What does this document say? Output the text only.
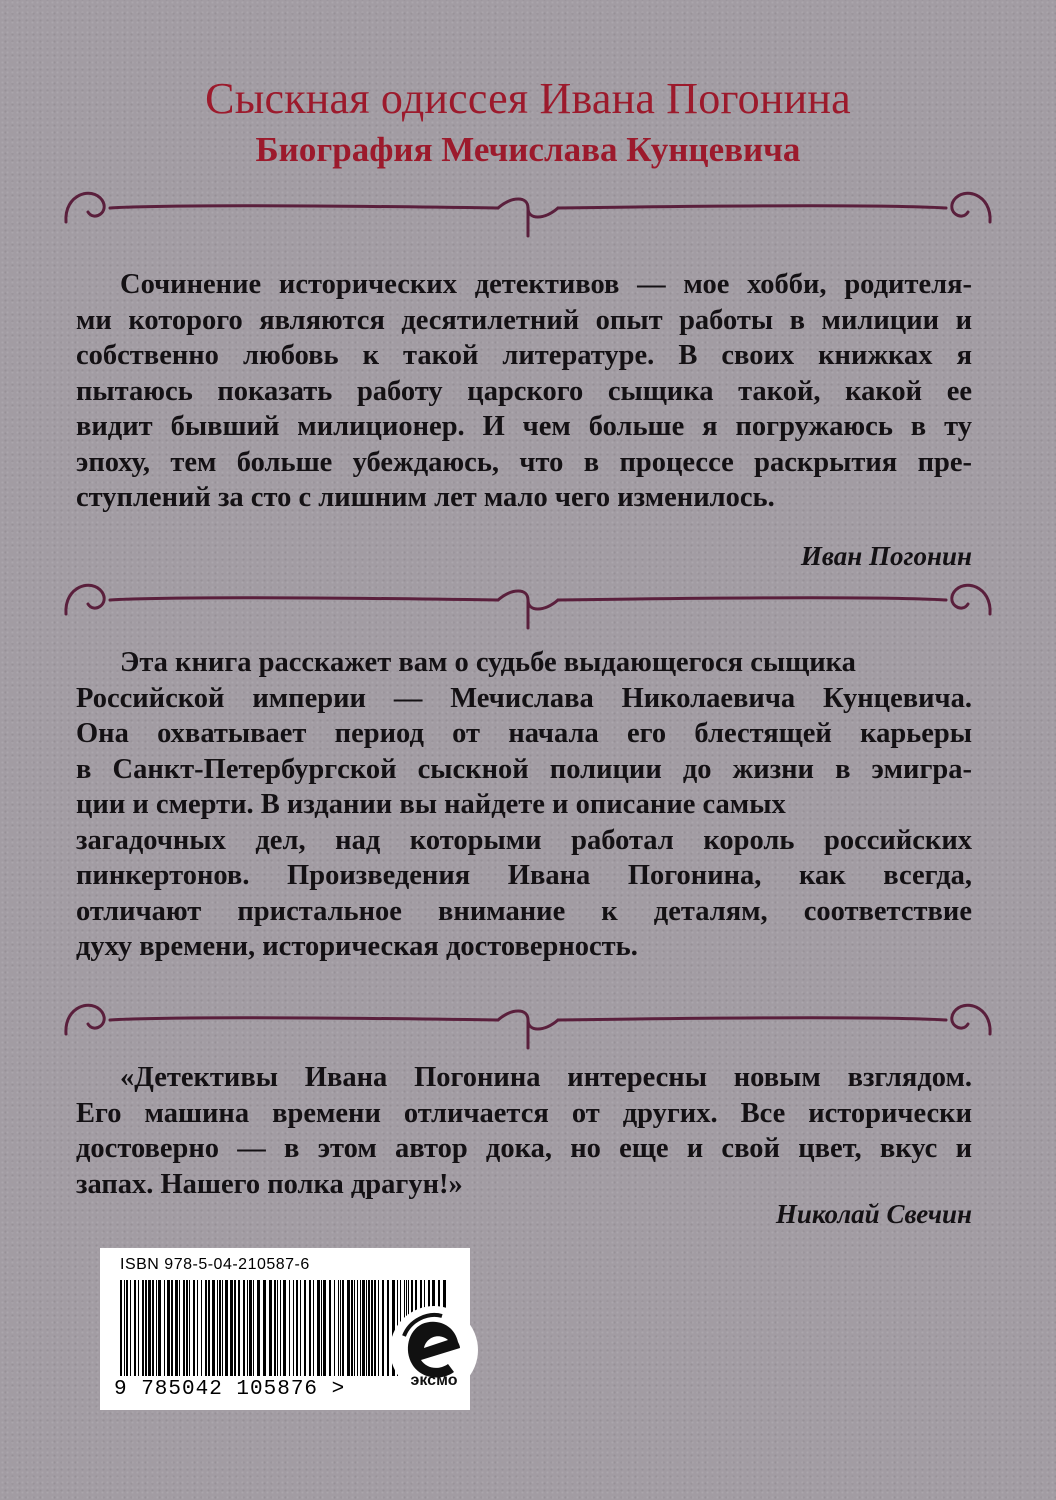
Сыскная одиссея Ивана Погонина
Биография Мечислава Кунцевича

Сочинение исторических детективов — мое хобби, родителя-
ми которого являются десятилетний опыт работы в милиции и
собственно любовь к такой литературе. В своих книжках я
пытаюсь показать работу царского сыщика такой, какой ее
видит бывший милиционер. И чем больше я погружаюсь в ту
эпоху, тем больше убеждаюсь, что в процессе раскрытия пре-
ступлений за сто с лишним лет мало чего изменилось.

Иван Погонин

Эта книга расскажет вам о судьбе выдающегося сыщика
Российской империи — Мечислава Николаевича Кунцевича.
Она охватывает период от начала его блестящей карьеры
в Санкт-Петербургской сыскной полиции до жизни в эмигра-
ции и смерти. В издании вы найдете и описание самых
загадочных дел, над которыми работал король российских
пинкертонов. Произведения Ивана Погонина, как всегда,
отличают пристальное внимание к деталям, соответствие
духу времени, историческая достоверность.

«Детективы Ивана Погонина интересны новым взглядом.
Его машина времени отличается от других. Все исторически
достоверно — в этом автор дока, но еще и свой цвет, вкус и
запах. Нашего полка драгун!»

Николай Свечин

ISBN 978-5-04-210587-6
9 785042 105876 >	эксмо
